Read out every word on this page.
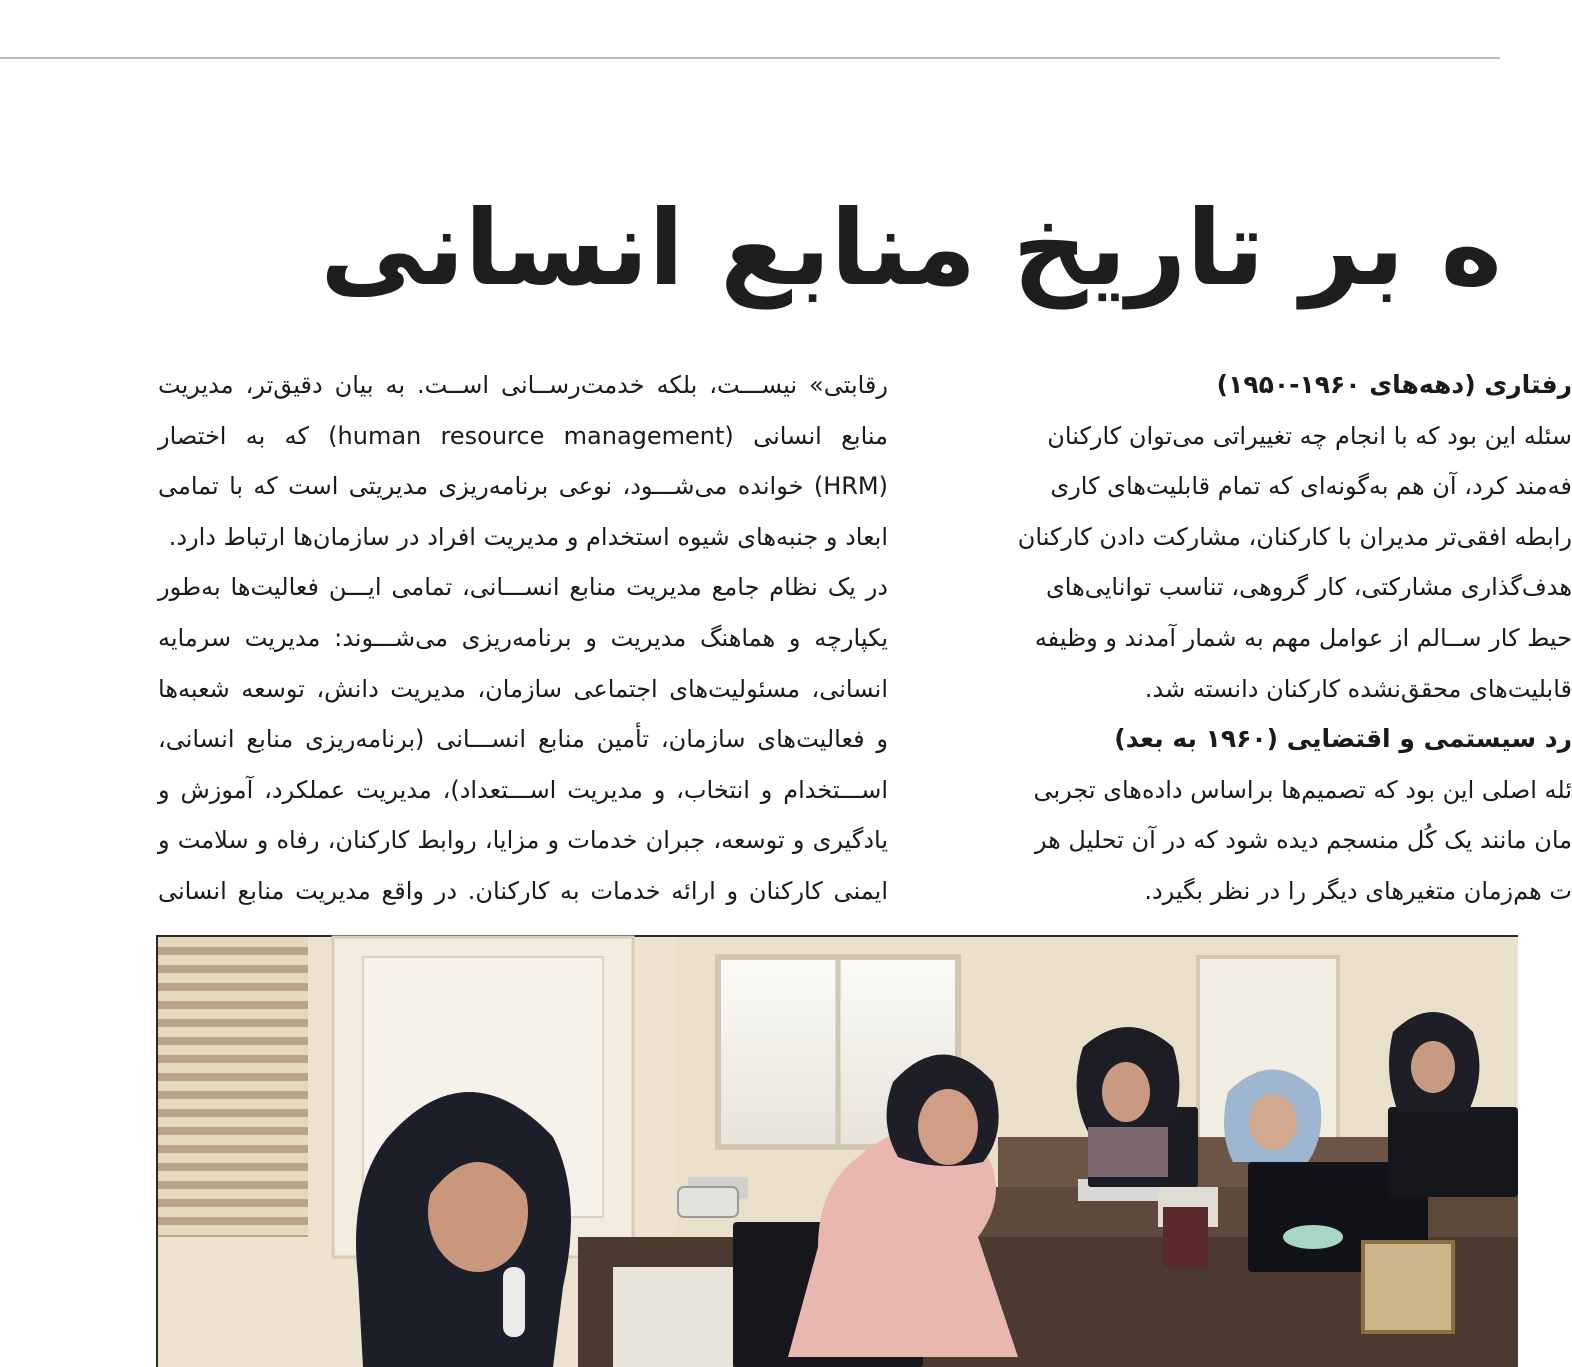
ه بر تاریخ منابع انسانی
رقابتی» نیســـت، بلکه خدمت‌رســانی اســت. به بیان دقیق‌تر، مدیریت
منابع انسانی (human resource management) که به اختصار
(HRM) خوانده می‌شـــود، نوعی برنامه‌ریزی مدیریتی است که با تمامی
ابعاد و جنبه‌های شیوه استخدام و مدیریت افراد در سازمان‌ها ارتباط دارد.
در یک نظام جامع مدیریت منابع انســـانی، تمامی ایـــن فعالیت‌ها به‌طور
یکپارچه و هماهنگ مدیریت و برنامه‌ریزی می‌شـــوند: مدیریت سرمایه
انسانی، مسئولیت‌های اجتماعی سازمان، مدیریت دانش، توسعه شعبه‌ها
و فعالیت‌های سازمان، تأمین منابع انســـانی (برنامه‌ریزی منابع انسانی،
اســـتخدام و انتخاب، و مدیریت اســـتعداد)، مدیریت عملکرد، آموزش و
یادگیری و توسعه، جبران خدمات و مزایا، روابط کارکنان، رفاه و سلامت و
ایمنی کارکنان و ارائه خدمات به کارکنان. در واقع مدیریت منابع انسانی
رفتاری (دهه‌های ۱۹۶۰-۱۹۵۰)
سئله این بود که با انجام چه تغییراتی می‌توان کارکنان
فه‌مند کرد، آن هم به‌گونه‌ای که تمام قابلیت‌های کاری
رابطه افقی‌تر مدیران با کارکنان، مشارکت دادن کارکنان
هدف‌گذاری مشارکتی، کار گروهی، تناسب توانایی‌های
حیط کار ســالم از عوامل مهم به شمار آمدند و وظیفه
قابلیت‌های محقق‌نشده کارکنان دانسته شد.
رد سیستمی و اقتضایی (۱۹۶۰ به بعد)
ئله اصلی این بود که تصمیم‌ها براساس داده‌های تجربی
مان مانند یک کُل منسجم دیده شود که در آن تحلیل هر
ت هم‌زمان متغیرهای دیگر را در نظر بگیرد.
